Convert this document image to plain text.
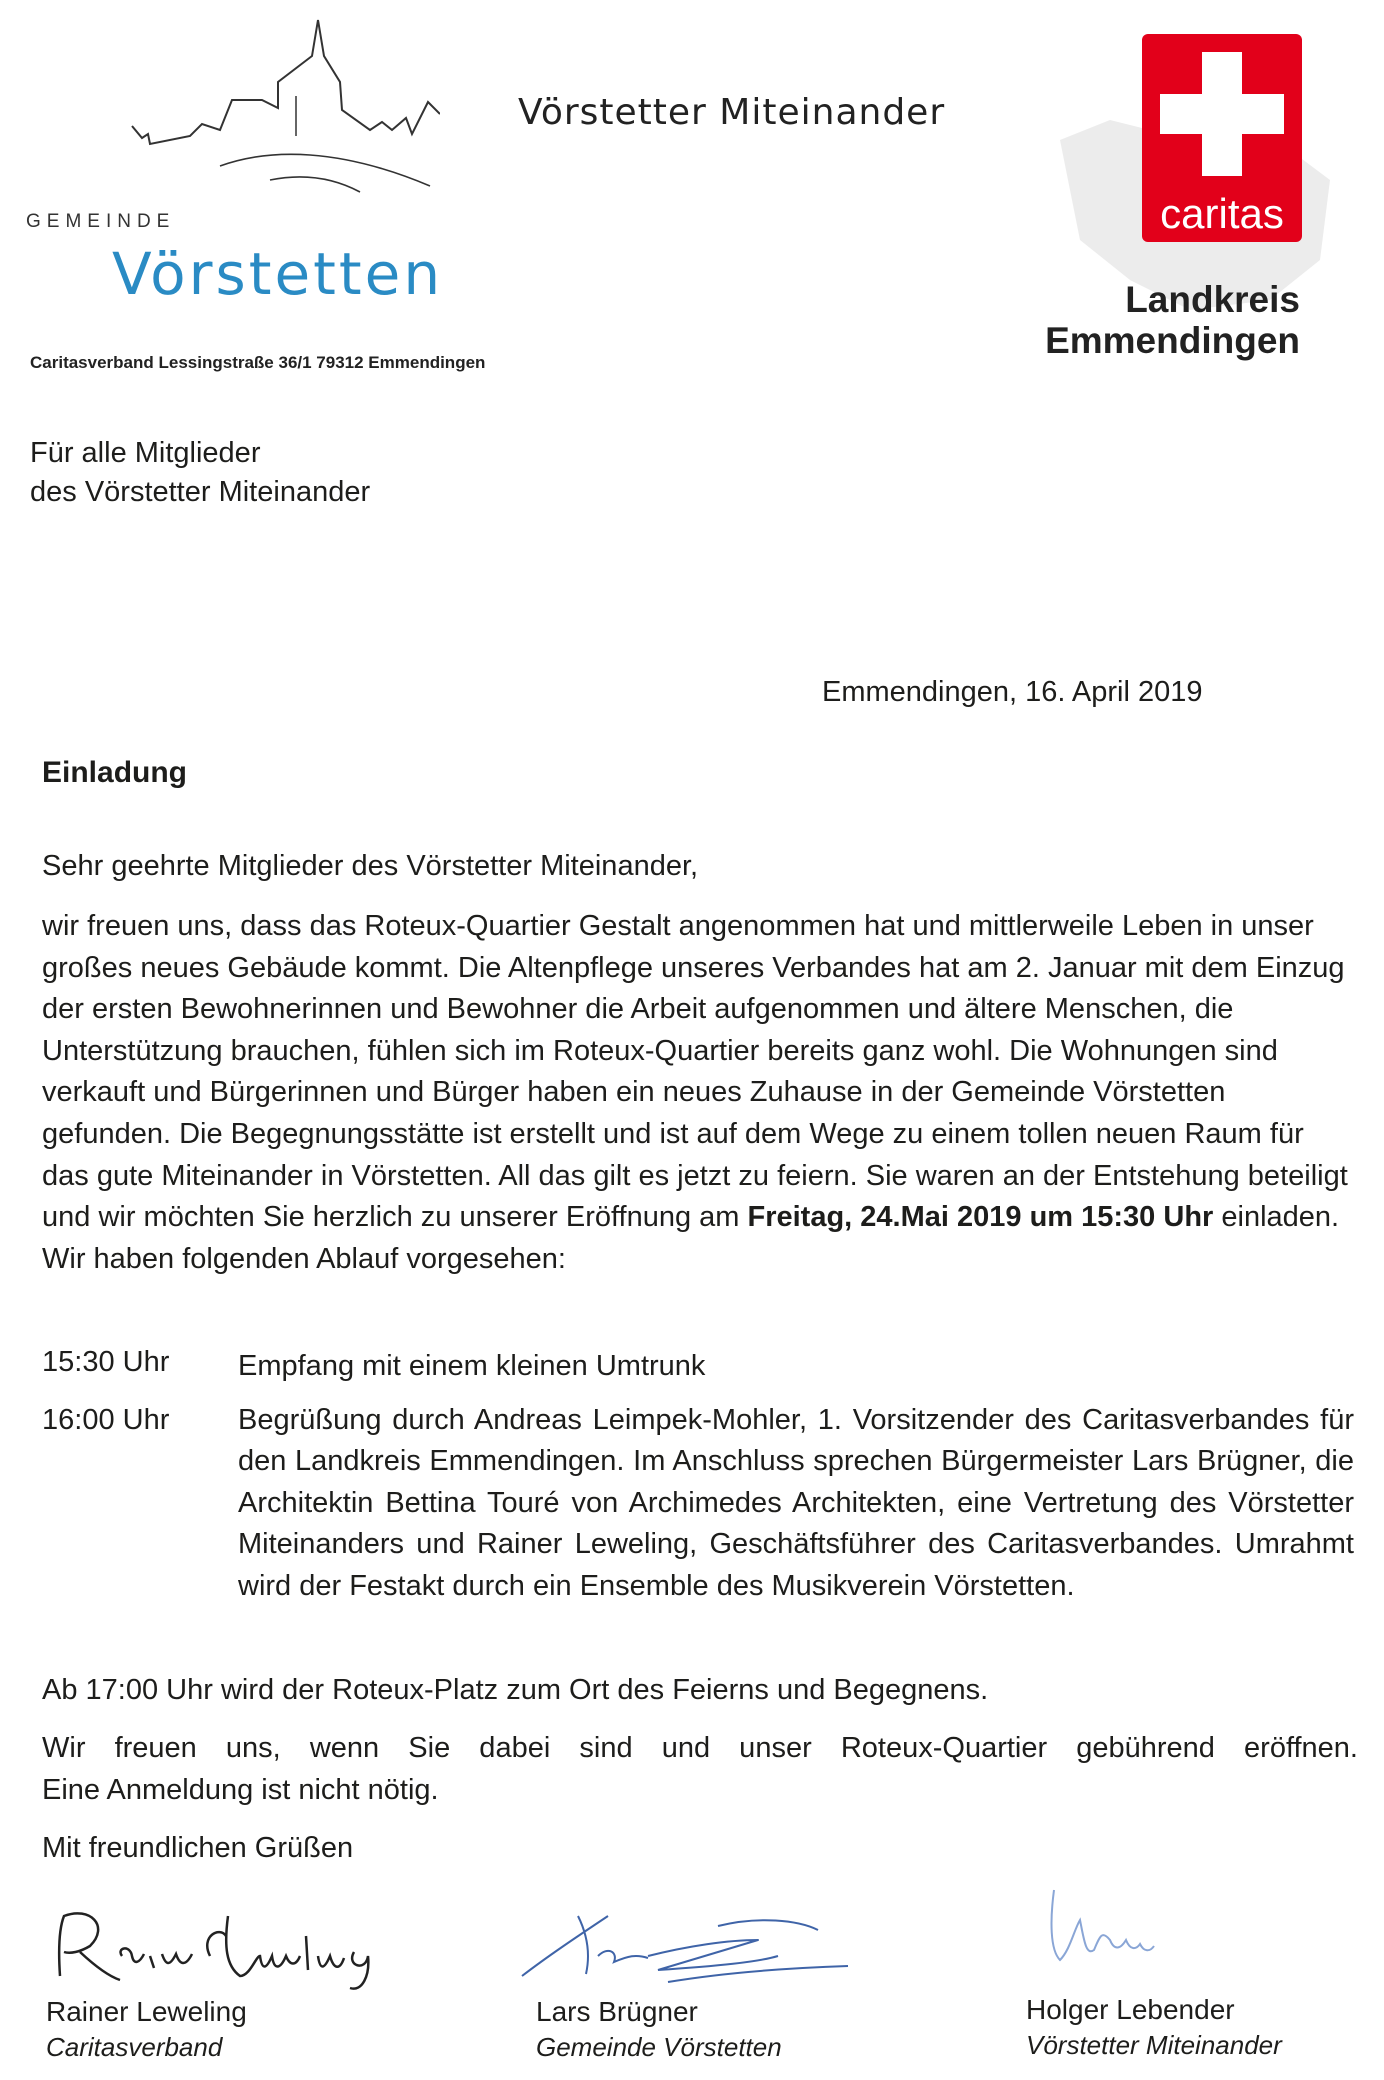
GEMEINDE
Vörstetten
Vörstetter Miteinander
caritas
Landkreis
Emmendingen
Caritasverband Lessingstraße 36/1 79312 Emmendingen
Für alle Mitglieder
des Vörstetter Miteinander
Emmendingen, 16. April 2019
Einladung
Sehr geehrte Mitglieder des Vörstetter Miteinander,
wir freuen uns, dass das Roteux-Quartier Gestalt angenommen hat und mittlerweile Leben in unser großes neues Gebäude kommt. Die Altenpflege unseres Verbandes hat am 2. Januar mit dem Einzug der ersten Bewohnerinnen und Bewohner die Arbeit aufgenommen und ältere Menschen, die Unterstützung brauchen, fühlen sich im Roteux-Quartier bereits ganz wohl. Die Wohnungen sind verkauft und Bürgerinnen und Bürger haben ein neues Zuhause in der Gemeinde Vörstetten gefunden. Die Begegnungsstätte ist erstellt und ist auf dem Wege zu einem tollen neuen Raum für das gute Miteinander in Vörstetten. All das gilt es jetzt zu feiern. Sie waren an der Entstehung beteiligt und wir möchten Sie herzlich zu unserer Eröffnung am Freitag, 24.Mai 2019 um 15:30 Uhr einladen. Wir haben folgenden Ablauf vorgesehen:
15:30 Uhr Empfang mit einem kleinen Umtrunk
16:00 Uhr Begrüßung durch Andreas Leimpek-Mohler, 1. Vorsitzender des Caritasverbandes für den Landkreis Emmendingen. Im Anschluss sprechen Bürgermeister Lars Brügner, die Architektin Bettina Touré von Archimedes Architekten, eine Vertretung des Vörstetter Miteinanders und Rainer Leweling, Geschäftsführer des Caritasverbandes. Umrahmt wird der Festakt durch ein Ensemble des Musikverein Vörstetten.
Ab 17:00 Uhr wird der Roteux-Platz zum Ort des Feierns und Begegnens.
Wir freuen uns, wenn Sie dabei sind und unser Roteux-Quartier gebührend eröffnen.
Eine Anmeldung ist nicht nötig.
Mit freundlichen Grüßen
Rainer Leweling
Caritasverband
Lars Brügner
Gemeinde Vörstetten
Holger Lebender
Vörstetter Miteinander
